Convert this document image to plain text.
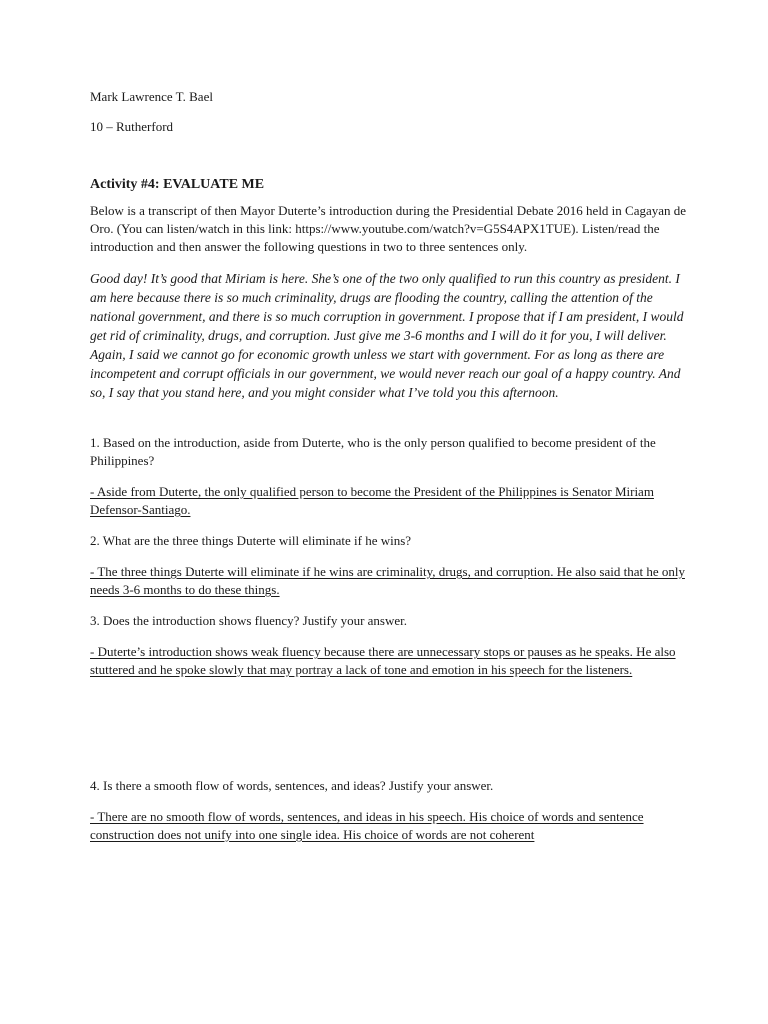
Mark Lawrence T. Bael

10 – Rutherford

Activity #4: EVALUATE ME

Below is a transcript of then Mayor Duterte’s introduction during the Presidential Debate 2016 held in Cagayan de Oro. (You can listen/watch in this link: https://www.youtube.com/watch?v=G5S4APX1TUE). Listen/read the introduction and then answer the following questions in two to three sentences only.

Good day! It’s good that Miriam is here. She’s one of the two only qualified to run this country as president. I am here because there is so much criminality, drugs are flooding the country, calling the attention of the national government, and there is so much corruption in government. I propose that if I am president, I would get rid of criminality, drugs, and corruption. Just give me 3-6 months and I will do it for you, I will deliver. Again, I said we cannot go for economic growth unless we start with government. For as long as there are incompetent and corrupt officials in our government, we would never reach our goal of a happy country. And so, I say that you stand here, and you might consider what I’ve told you this afternoon.

1. Based on the introduction, aside from Duterte, who is the only person qualified to become president of the Philippines?

- Aside from Duterte, the only qualified person to become the President of the Philippines is Senator Miriam Defensor-Santiago.

2. What are the three things Duterte will eliminate if he wins?

- The three things Duterte will eliminate if he wins are criminality, drugs, and corruption. He also said that he only needs 3-6 months to do these things.

3. Does the introduction shows fluency? Justify your answer.

- Duterte’s introduction shows weak fluency because there are unnecessary stops or pauses as he speaks. He also stuttered and he spoke slowly that may portray a lack of tone and emotion in his speech for the listeners.

4. Is there a smooth flow of words, sentences, and ideas? Justify your answer.

- There are no smooth flow of words, sentences, and ideas in his speech. His choice of words and sentence construction does not unify into one single idea. His choice of words are not coherent
